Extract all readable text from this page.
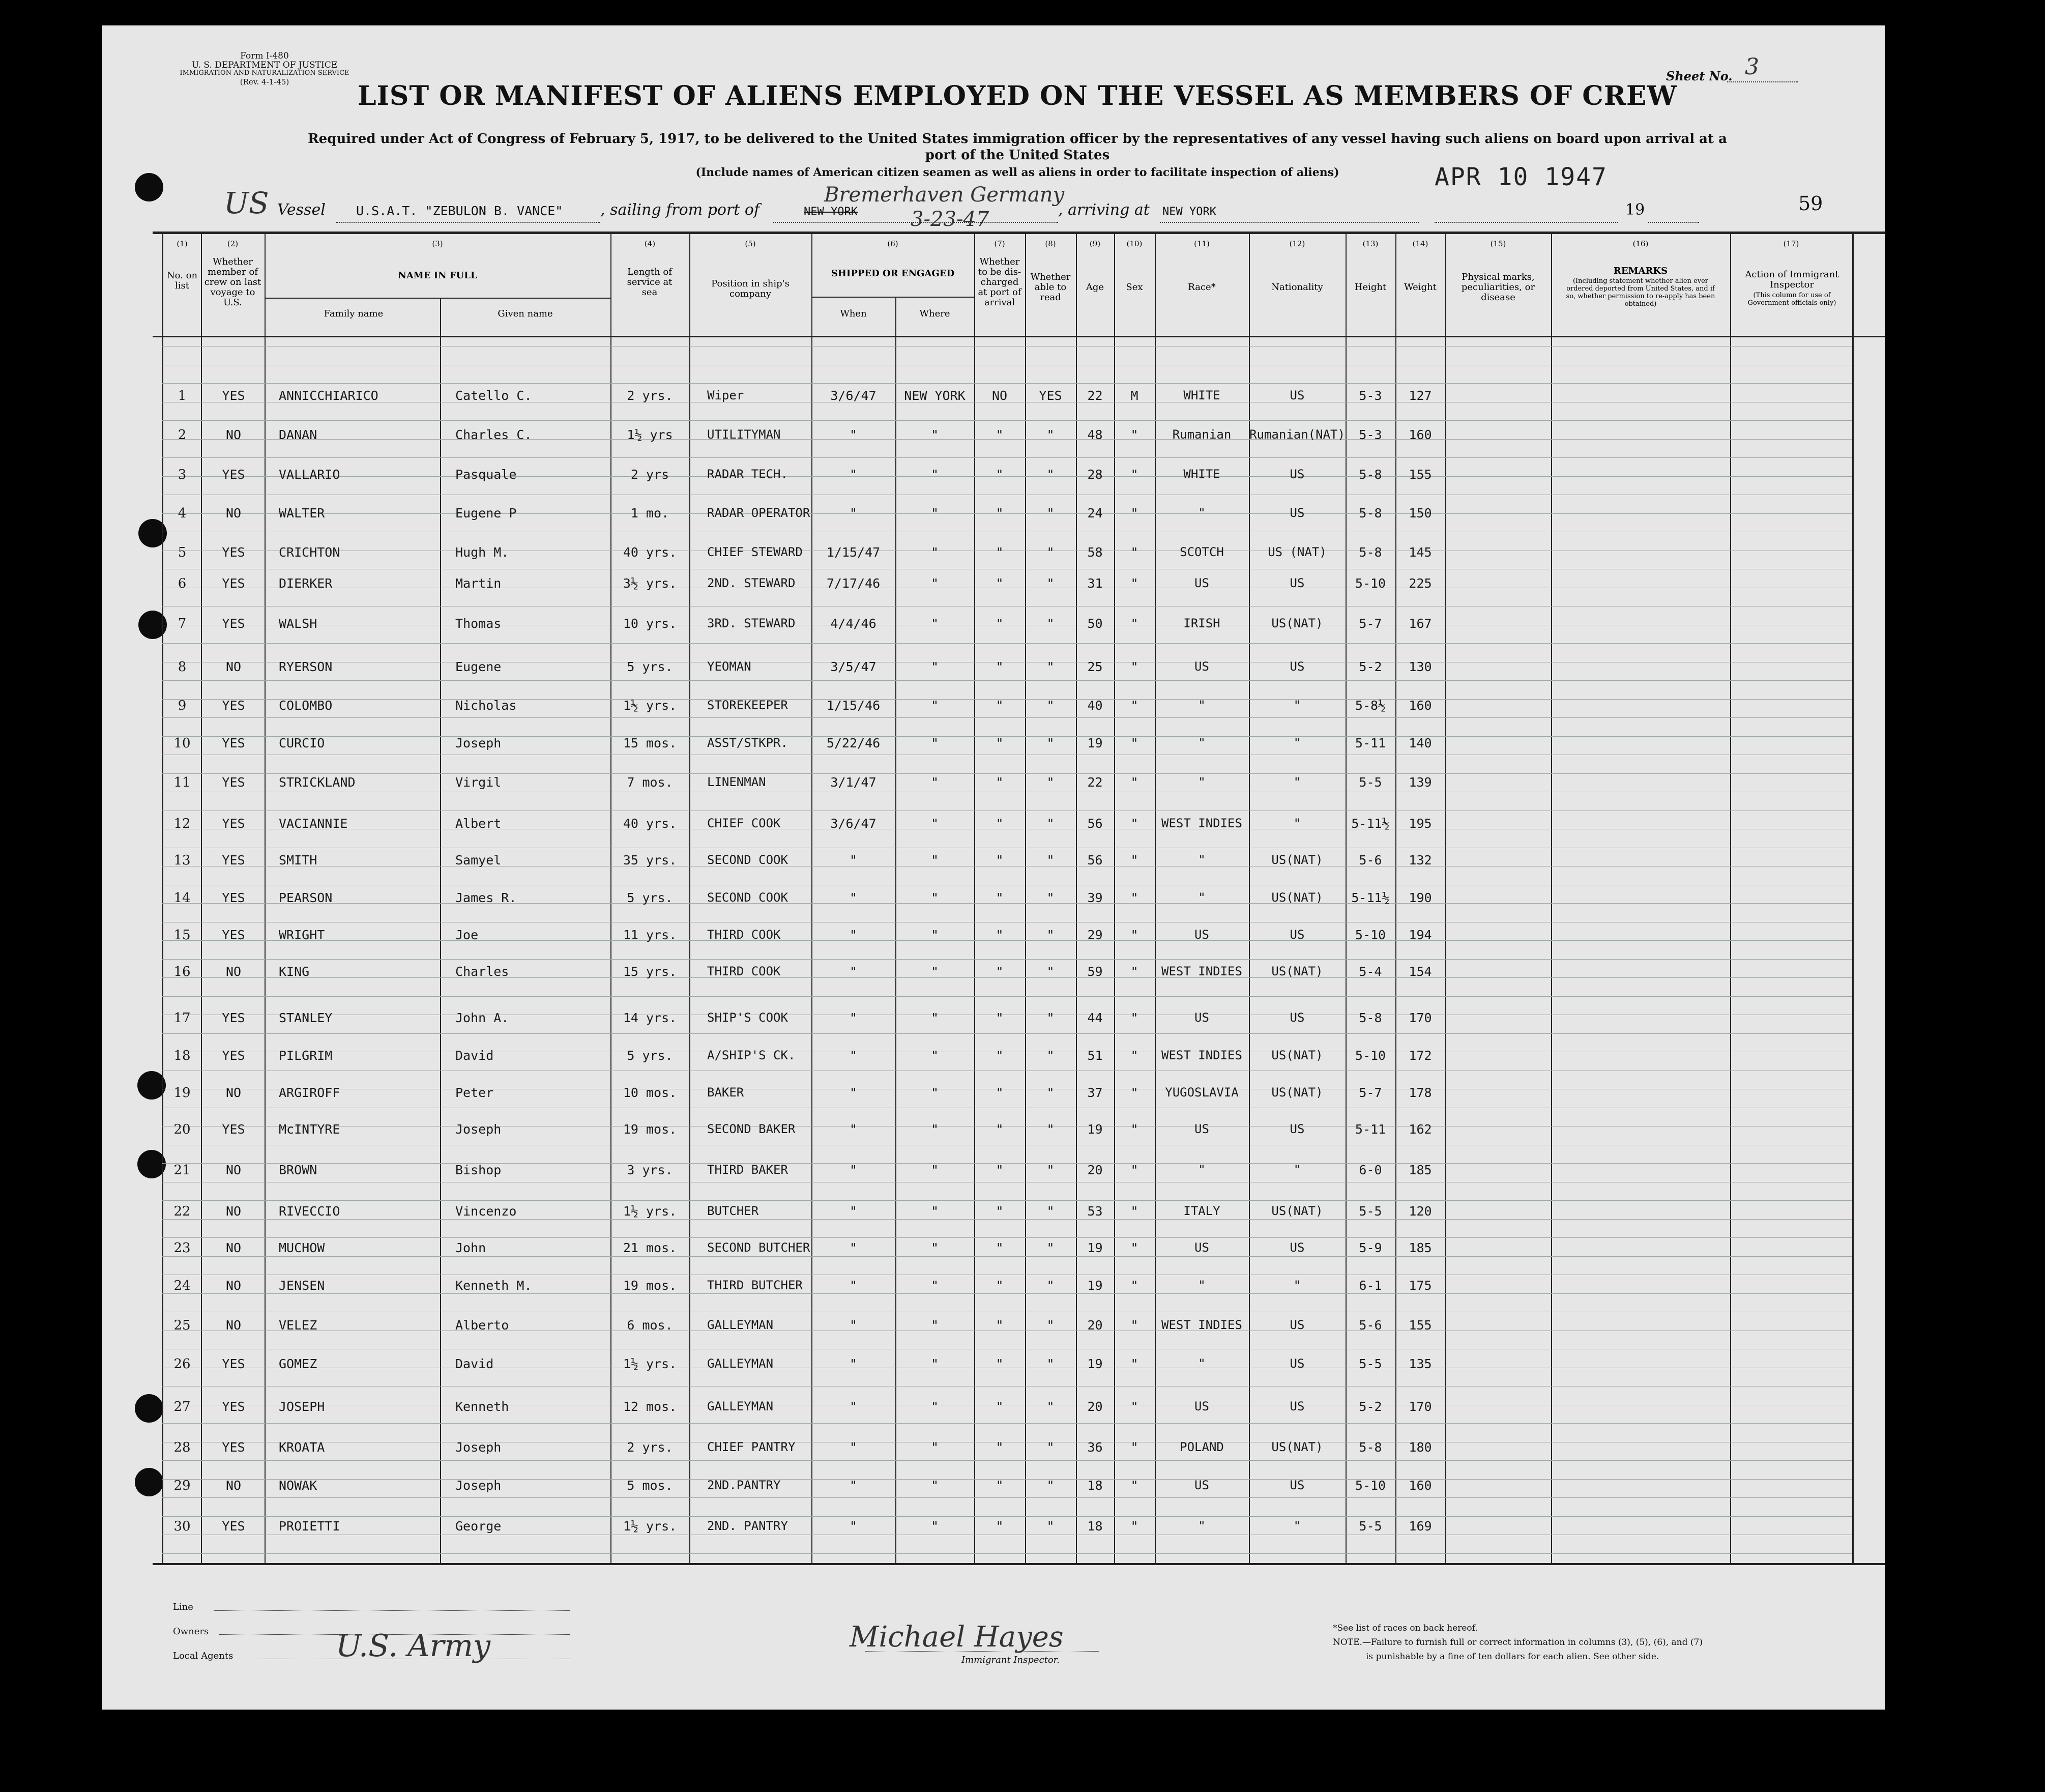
Form I-480
U. S. DEPARTMENT OF JUSTICE
IMMIGRATION AND NATURALIZATION SERVICE
(Rev. 4-1-45)	Sheet No. 3
LIST OR MANIFEST OF ALIENS EMPLOYED ON THE VESSEL AS MEMBERS OF CREW
Required under Act of Congress of February 5, 1917, to be delivered to the United States immigration officer by the representatives of any vessel having such aliens on board upon arrival at a
port of the United States
(Include names of American citizen seamen as well as aliens in order to facilitate inspection of aliens)	APR 10 1947
59
US Vessel U.S.A.T. "ZEBULON B. VANCE" , sailing from port of
Bremerhaven Germany
NEW YORK	3-23-47	, arriving at NEW YORK	19
(1)	(2)	(3)	(4)	(5)	(6)	(7)	(8)	(9)	(10)	(11)	(12)	(13)	(14)	(15)	(16)	(17)
No. on list
Whether member of crew on last voyage to U.S.
NAME IN FULL
Family name	Given name
Length of service at sea
Position in ship's company
SHIPPED OR ENGAGED
When	Where
Whether to be dis-charged at port of arrival
Whether able to read
Age	Sex	Race*	Nationality	Height	Weight
Physical marks, peculiarities, or disease
REMARKS
(Including statement whether alien ever ordered deported from United States, and if so, whether permission to re-apply has been obtained)
Action of Immigrant Inspector
(This column for use of Government officials only)
1	YES	ANNICCHIARICO	Catello C.	2 yrs.	Wiper	3/6/47	NEW YORK	NO	YES	22	M	WHITE	US	5-3	127
2	NO	DANAN	Charles C.	1½ yrs	UTILITYMAN	"	"	"	"	48	"	Rumanian	Rumanian(NAT)	5-3	160
3	YES	VALLARIO	Pasquale	2 yrs	RADAR TECH.	"	"	"	"	28	"	WHITE	US	5-8	155
4	NO	WALTER	Eugene P	1 mo.	RADAR OPERATOR	"	"	"	"	24	"	"	US	5-8	150
5	YES	CRICHTON	Hugh M.	40 yrs.	CHIEF STEWARD	1/15/47	"	"	"	58	"	SCOTCH	US (NAT)	5-8	145
6	YES	DIERKER	Martin	3½ yrs.	2ND. STEWARD	7/17/46	"	"	"	31	"	US	US	5-10	225
7	YES	WALSH	Thomas	10 yrs.	3RD. STEWARD	4/4/46	"	"	"	50	"	IRISH	US(NAT)	5-7	167
8	NO	RYERSON	Eugene	5 yrs.	YEOMAN	3/5/47	"	"	"	25	"	US	US	5-2	130
9	YES	COLOMBO	Nicholas	1½ yrs.	STOREKEEPER	1/15/46	"	"	"	40	"	"	"	5-8½	160
10	YES	CURCIO	Joseph	15 mos.	ASST/STKPR.	5/22/46	"	"	"	19	"	"	"	5-11	140
11	YES	STRICKLAND	Virgil	7 mos.	LINENMAN	3/1/47	"	"	"	22	"	"	"	5-5	139
12	YES	VACIANNIE	Albert	40 yrs.	CHIEF COOK	3/6/47	"	"	"	56	"	WEST INDIES	"	5-11½	195
13	YES	SMITH	Samyel	35 yrs.	SECOND COOK	"	"	"	"	56	"	"	US(NAT)	5-6	132
14	YES	PEARSON	James R.	5 yrs.	SECOND COOK	"	"	"	"	39	"	"	US(NAT)	5-11½	190
15	YES	WRIGHT	Joe	11 yrs.	THIRD COOK	"	"	"	"	29	"	US	US	5-10	194
16	NO	KING	Charles	15 yrs.	THIRD COOK	"	"	"	"	59	"	WEST INDIES	US(NAT)	5-4	154
17	YES	STANLEY	John A.	14 yrs.	SHIP'S COOK	"	"	"	"	44	"	US	US	5-8	170
18	YES	PILGRIM	David	5 yrs.	A/SHIP'S CK.	"	"	"	"	51	"	WEST INDIES	US(NAT)	5-10	172
19	NO	ARGIROFF	Peter	10 mos.	BAKER	"	"	"	"	37	"	YUGOSLAVIA	US(NAT)	5-7	178
20	YES	McINTYRE	Joseph	19 mos.	SECOND BAKER	"	"	"	"	19	"	US	US	5-11	162
21	NO	BROWN	Bishop	3 yrs.	THIRD BAKER	"	"	"	"	20	"	"	"	6-0	185
22	NO	RIVECCIO	Vincenzo	1½ yrs.	BUTCHER	"	"	"	"	53	"	ITALY	US(NAT)	5-5	120
23	NO	MUCHOW	John	21 mos.	SECOND BUTCHER	"	"	"	"	19	"	US	US	5-9	185
24	NO	JENSEN	Kenneth M.	19 mos.	THIRD BUTCHER	"	"	"	"	19	"	"	"	6-1	175
25	NO	VELEZ	Alberto	6 mos.	GALLEYMAN	"	"	"	"	20	"	WEST INDIES	US	5-6	155
26	YES	GOMEZ	David	1½ yrs.	GALLEYMAN	"	"	"	"	19	"	"	US	5-5	135
27	YES	JOSEPH	Kenneth	12 mos.	GALLEYMAN	"	"	"	"	20	"	US	US	5-2	170
28	YES	KROATA	Joseph	2 yrs.	CHIEF PANTRY	"	"	"	"	36	"	POLAND	US(NAT)	5-8	180
29	NO	NOWAK	Joseph	5 mos.	2ND.PANTRY	"	"	"	"	18	"	US	US	5-10	160
30	YES	PROIETTI	George	1½ yrs.	2ND. PANTRY	"	"	"	"	18	"	"	"	5-5	169
Line
Owners
Local Agents	U.S. Army	Michael Hayes
Immigrant Inspector.
*See list of races on back hereof.
NOTE.—Failure to furnish full or correct information in columns (3), (5), (6), and (7)
is punishable by a fine of ten dollars for each alien. See other side.
